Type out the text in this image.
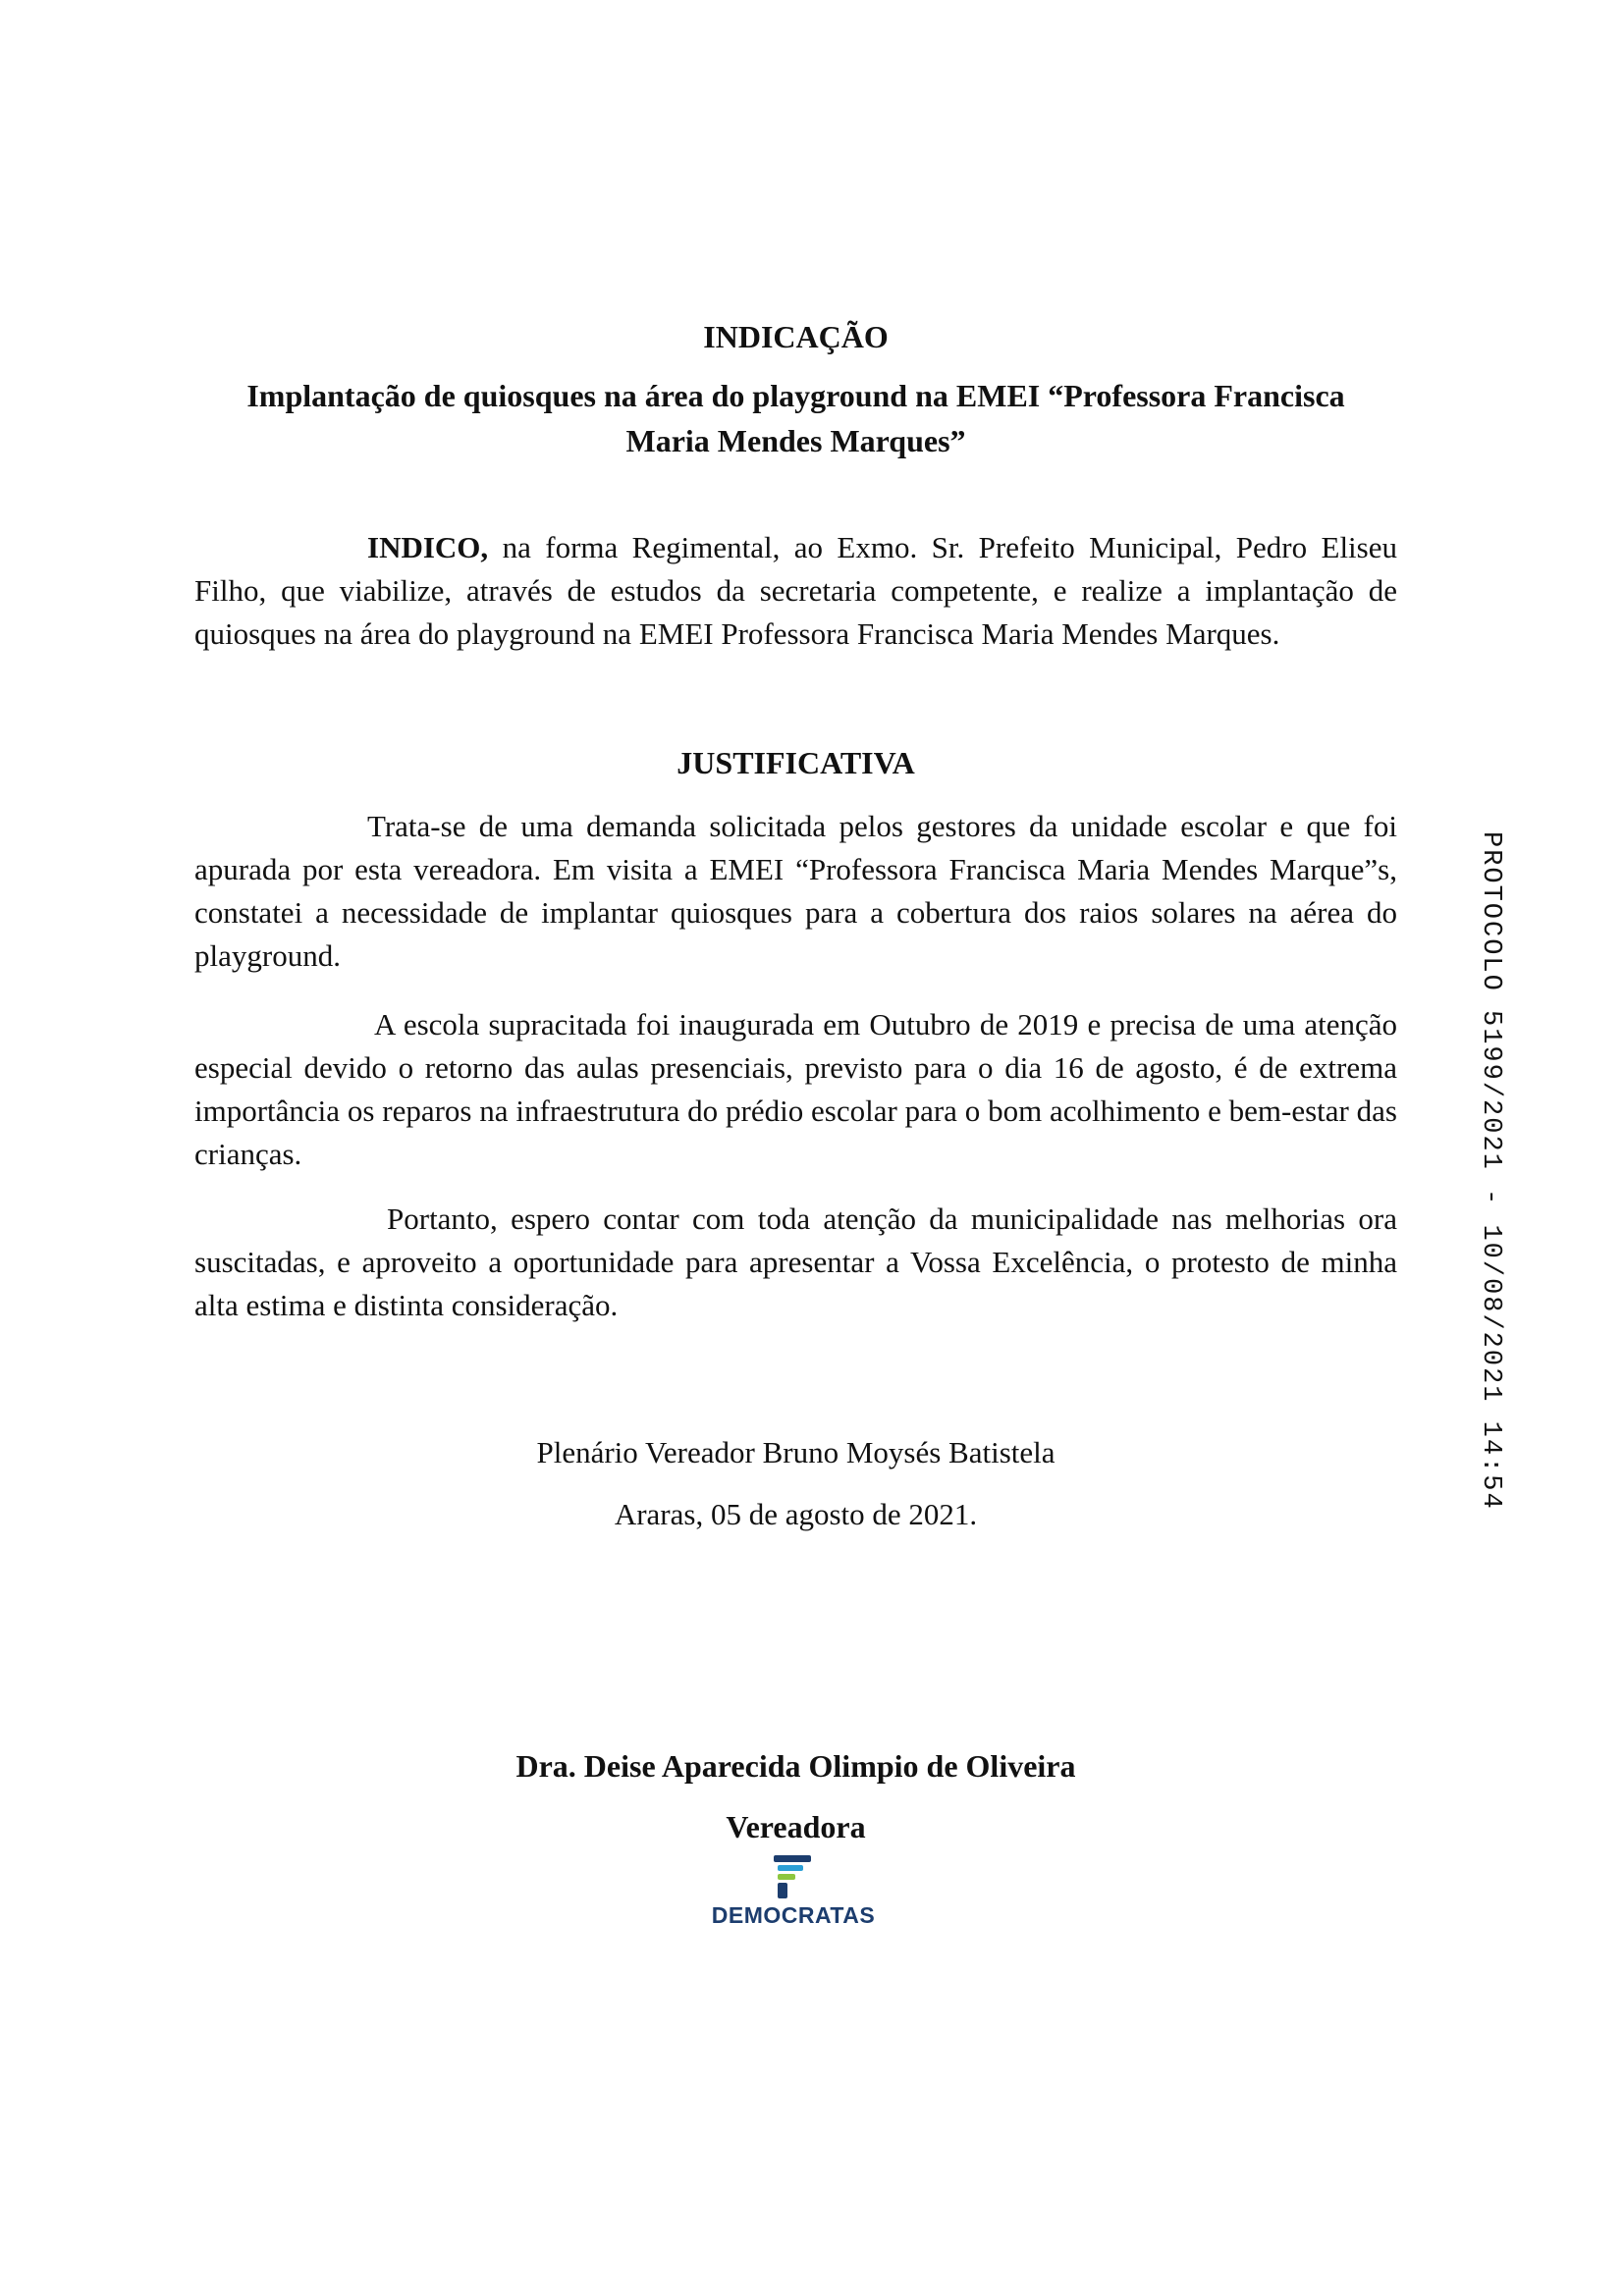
INDICAÇÃO
Implantação de quiosques na área do playground na EMEI “Professora Francisca
Maria Mendes Marques”
INDICO, na forma Regimental, ao Exmo. Sr. Prefeito Municipal, Pedro Eliseu Filho, que viabilize, através de estudos da secretaria competente, e realize a implantação de quiosques na área do playground na EMEI Professora Francisca Maria Mendes Marques.
JUSTIFICATIVA
Trata-se de uma demanda solicitada pelos gestores da unidade escolar e que foi apurada por esta vereadora. Em visita a EMEI “Professora Francisca Maria Mendes Marque”s, constatei a necessidade de implantar quiosques para a cobertura dos raios solares na aérea do playground.
A escola supracitada foi inaugurada em Outubro de 2019 e precisa de uma atenção especial devido o retorno das aulas presenciais, previsto para o dia 16 de agosto, é de extrema importância os reparos na infraestrutura do prédio escolar para o bom acolhimento e bem-estar das crianças.
Portanto, espero contar com toda atenção da municipalidade nas melhorias ora suscitadas, e aproveito a oportunidade para apresentar a Vossa Excelência, o protesto de minha alta estima e distinta consideração.
Plenário Vereador Bruno Moysés Batistela
Araras, 05 de agosto de 2021.
Dra. Deise Aparecida Olimpio de Oliveira
Vereadora
DEMOCRATAS
PROTOCOLO 5199/2021 - 10/08/2021 14:54
